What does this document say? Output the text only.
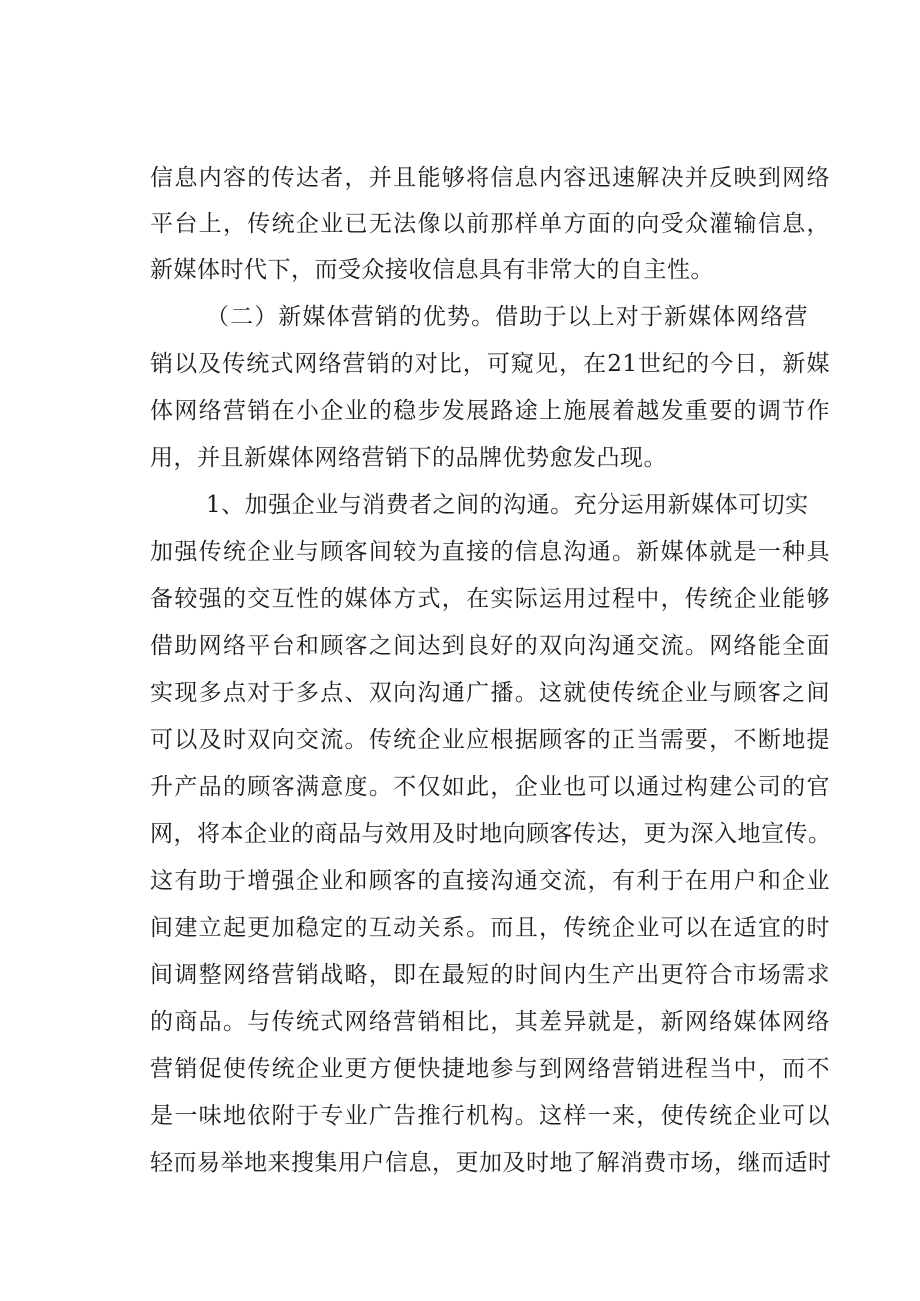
信息内容的传达者，并且能够将信息内容迅速解决并反映到网络
平台上，传统企业已无法像以前那样单方面的向受众灌输信息，
新媒体时代下，而受众接收信息具有非常大的自主性。
（二）新媒体营销的优势。借助于以上对于新媒体网络营
销以及传统式网络营销的对比，可窥见，在21世纪的今日，新媒
体网络营销在小企业的稳步发展路途上施展着越发重要的调节作
用，并且新媒体网络营销下的品牌优势愈发凸现。
1、加强企业与消费者之间的沟通。充分运用新媒体可切实
加强传统企业与顾客间较为直接的信息沟通。新媒体就是一种具
备较强的交互性的媒体方式，在实际运用过程中，传统企业能够
借助网络平台和顾客之间达到良好的双向沟通交流。网络能全面
实现多点对于多点、双向沟通广播。这就使传统企业与顾客之间
可以及时双向交流。传统企业应根据顾客的正当需要，不断地提
升产品的顾客满意度。不仅如此，企业也可以通过构建公司的官
网，将本企业的商品与效用及时地向顾客传达，更为深入地宣传。
这有助于增强企业和顾客的直接沟通交流，有利于在用户和企业
间建立起更加稳定的互动关系。而且，传统企业可以在适宜的时
间调整网络营销战略，即在最短的时间内生产出更符合市场需求
的商品。与传统式网络营销相比，其差异就是，新网络媒体网络
营销促使传统企业更方便快捷地参与到网络营销进程当中，而不
是一味地依附于专业广告推行机构。这样一来，使传统企业可以
轻而易举地来搜集用户信息，更加及时地了解消费市场，继而适时
